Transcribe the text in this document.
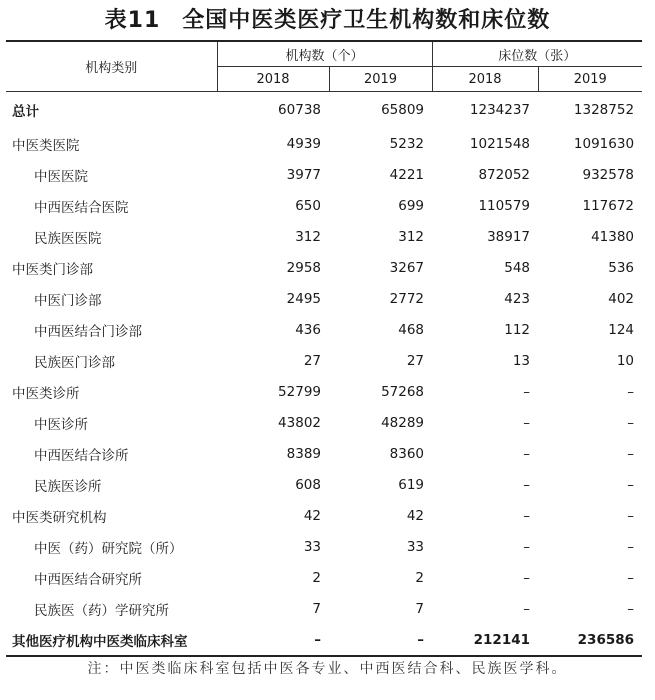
表11 全国中医类医疗卫生机构数和床位数
机构类别	机构数（个）		床位数（张）	
	2018	2019	2018	2019
总计	60738	65809	1234237	1328752
中医类医院	4939	5232	1021548	1091630
中医医院	3977	4221	872052	932578
中西医结合医院	650	699	110579	117672
民族医医院	312	312	38917	41380
中医类门诊部	2958	3267	548	536
中医门诊部	2495	2772	423	402
中西医结合门诊部	436	468	112	124
民族医门诊部	27	27	13	10
中医类诊所	52799	57268	–	–
中医诊所	43802	48289	–	–
中西医结合诊所	8389	8360	–	–
民族医诊所	608	619	–	–
中医类研究机构	42	42	–	–
中医（药）研究院（所）	33	33	–	–
中西医结合研究所	2	2	–	–
民族医（药）学研究所	7	7	–	–
其他医疗机构中医类临床科室	–	–	212141	236586
注：中医类临床科室包括中医各专业、中西医结合科、民族医学科。
